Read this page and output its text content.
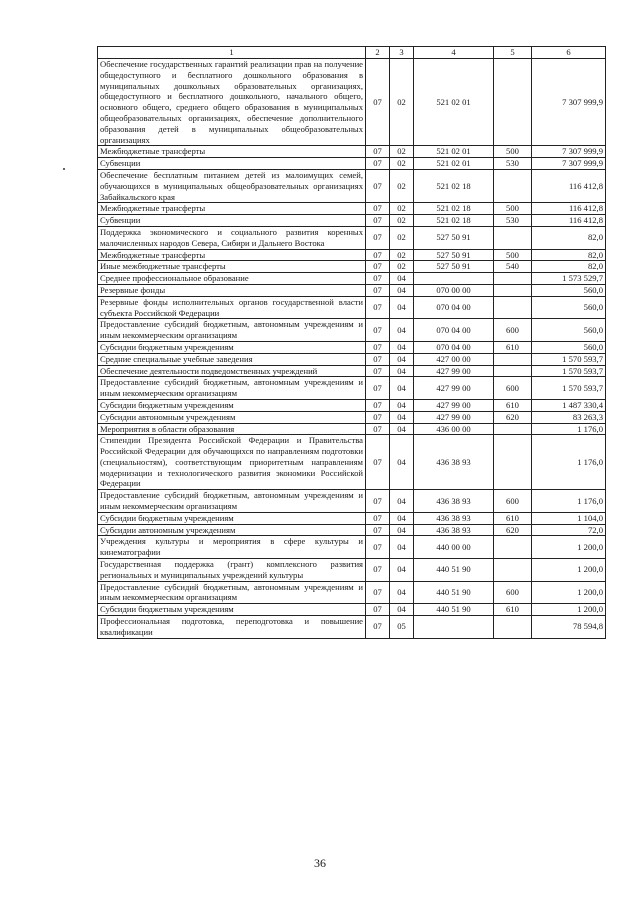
1	2	3	4	5	6
Обеспечение государственных гарантий реализации прав на получение общедоступного и бесплатного дошкольного образования в муниципальных дошкольных образовательных организациях, общедоступного и бесплатного дошкольного, начального общего, основного общего, среднего общего образования в муниципальных общеобразовательных организациях, обеспечение дополнительного образования детей в муниципальных общеобразовательных организациях	07	02	521 02 01		7 307 999,9
Межбюджетные трансферты	07	02	521 02 01	500	7 307 999,9
Субвенции	07	02	521 02 01	530	7 307 999,9
Обеспечение бесплатным питанием детей из малоимущих семей, обучающихся в муниципальных общеобразовательных организациях Забайкальского края	07	02	521 02 18		116 412,8
Межбюджетные трансферты	07	02	521 02 18	500	116 412,8
Субвенции	07	02	521 02 18	530	116 412,8
Поддержка экономического и социального развития коренных малочисленных народов Севера, Сибири и Дальнего Востока	07	02	527 50 91		82,0
Межбюджетные трансферты	07	02	527 50 91	500	82,0
Иные межбюджетные трансферты	07	02	527 50 91	540	82,0
Среднее профессиональное образование	07	04			1 573 529,7
Резервные фонды	07	04	070 00 00		560,0
Резервные фонды исполнительных органов государственной власти субъекта Российской Федерации	07	04	070 04 00		560,0
Предоставление субсидий бюджетным, автономным учреждениям и иным некоммерческим организациям	07	04	070 04 00	600	560,0
Субсидии бюджетным учреждениям	07	04	070 04 00	610	560,0
Средние специальные учебные заведения	07	04	427 00 00		1 570 593,7
Обеспечение деятельности подведомственных учреждений	07	04	427 99 00		1 570 593,7
Предоставление субсидий бюджетным, автономным учреждениям и иным некоммерческим организациям	07	04	427 99 00	600	1 570 593,7
Субсидии бюджетным учреждениям	07	04	427 99 00	610	1 487 330,4
Субсидии автономным учреждениям	07	04	427 99 00	620	83 263,3
Мероприятия в области образования	07	04	436 00 00		1 176,0
Стипендии Президента Российской Федерации и Правительства Российской Федерации для обучающихся по направлениям подготовки (специальностям), соответствующим приоритетным направлениям модернизации и технологического развития экономики Российской Федерации	07	04	436 38 93		1 176,0
Предоставление субсидий бюджетным, автономным учреждениям и иным некоммерческим организациям	07	04	436 38 93	600	1 176,0
Субсидии бюджетным учреждениям	07	04	436 38 93	610	1 104,0
Субсидии автономным учреждениям	07	04	436 38 93	620	72,0
Учреждения культуры и мероприятия в сфере культуры и кинематографии	07	04	440 00 00		1 200,0
Государственная поддержка (грант) комплексного развития региональных и муниципальных учреждений культуры	07	04	440 51 90		1 200,0
Предоставление субсидий бюджетным, автономным учреждениям и иным некоммерческим организациям	07	04	440 51 90	600	1 200,0
Субсидии бюджетным учреждениям	07	04	440 51 90	610	1 200,0
Профессиональная подготовка, переподготовка и повышение квалификации	07	05			78 594,8
36
